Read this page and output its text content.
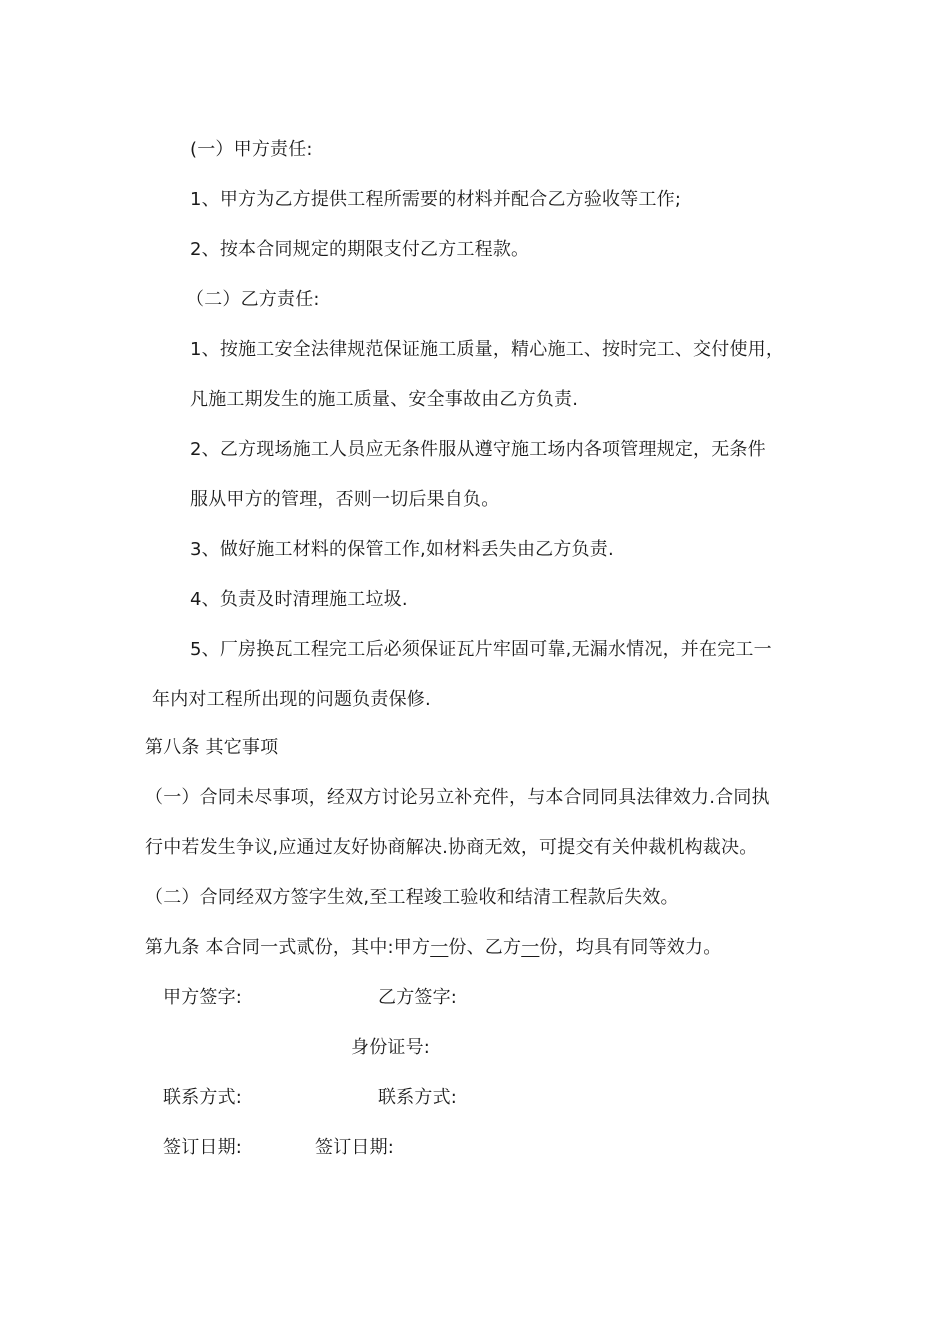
(一）甲方责任:
1、甲方为乙方提供工程所需要的材料并配合乙方验收等工作;
2、按本合同规定的期限支付乙方工程款。
（二）乙方责任:
1、按施工安全法律规范保证施工质量，精心施工、按时完工、交付使用，
凡施工期发生的施工质量、安全事故由乙方负责.
2、乙方现场施工人员应无条件服从遵守施工场内各项管理规定，无条件
服从甲方的管理，否则一切后果自负。
3、做好施工材料的保管工作,如材料丢失由乙方负责.
4、负责及时清理施工垃圾.
5、厂房换瓦工程完工后必须保证瓦片牢固可靠,无漏水情况，并在完工一
年内对工程所出现的问题负责保修.
第八条 其它事项
（一）合同未尽事项，经双方讨论另立补充件，与本合同同具法律效力.合同执
行中若发生争议,应通过友好协商解决.协商无效，可提交有关仲裁机构裁决。
（二）合同经双方签字生效,至工程竣工验收和结清工程款后失效。
第九条 本合同一式贰份，其中:甲方一份、乙方一份，均具有同等效力。
甲方签字:	乙方签字:
身份证号:
联系方式:	联系方式:
签订日期:	签订日期:
